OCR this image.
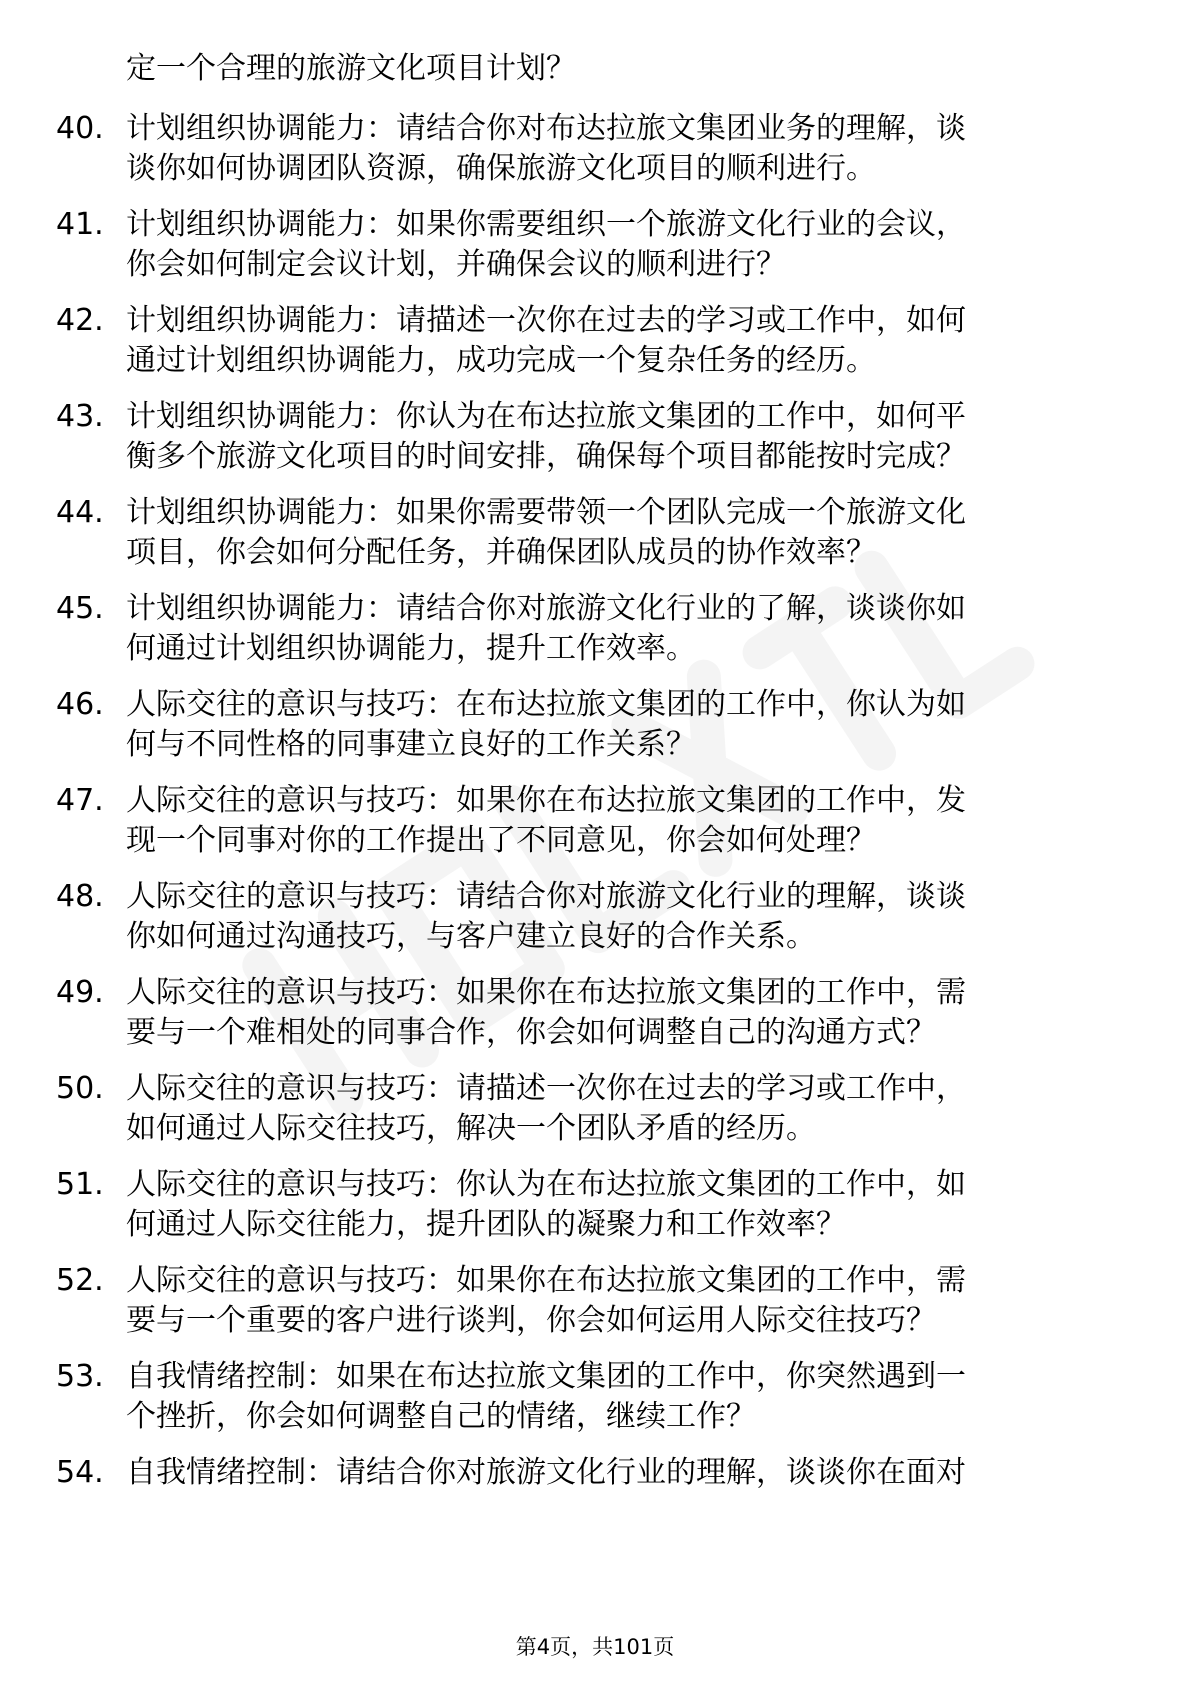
定一个合理的旅游文化项目计划？
40. 计划组织协调能力：请结合你对布达拉旅文集团业务的理解，谈
谈你如何协调团队资源，确保旅游文化项目的顺利进行。
41. 计划组织协调能力：如果你需要组织一个旅游文化行业的会议，
你会如何制定会议计划，并确保会议的顺利进行？
42. 计划组织协调能力：请描述一次你在过去的学习或工作中，如何
通过计划组织协调能力，成功完成一个复杂任务的经历。
43. 计划组织协调能力：你认为在布达拉旅文集团的工作中，如何平
衡多个旅游文化项目的时间安排，确保每个项目都能按时完成？
44. 计划组织协调能力：如果你需要带领一个团队完成一个旅游文化
项目，你会如何分配任务，并确保团队成员的协作效率？
45. 计划组织协调能力：请结合你对旅游文化行业的了解，谈谈你如
何通过计划组织协调能力，提升工作效率。
46. 人际交往的意识与技巧：在布达拉旅文集团的工作中，你认为如
何与不同性格的同事建立良好的工作关系？
47. 人际交往的意识与技巧：如果你在布达拉旅文集团的工作中，发
现一个同事对你的工作提出了不同意见，你会如何处理？
48. 人际交往的意识与技巧：请结合你对旅游文化行业的理解，谈谈
你如何通过沟通技巧，与客户建立良好的合作关系。
49. 人际交往的意识与技巧：如果你在布达拉旅文集团的工作中，需
要与一个难相处的同事合作，你会如何调整自己的沟通方式？
50. 人际交往的意识与技巧：请描述一次你在过去的学习或工作中，
如何通过人际交往技巧，解决一个团队矛盾的经历。
51. 人际交往的意识与技巧：你认为在布达拉旅文集团的工作中，如
何通过人际交往能力，提升团队的凝聚力和工作效率？
52. 人际交往的意识与技巧：如果你在布达拉旅文集团的工作中，需
要与一个重要的客户进行谈判，你会如何运用人际交往技巧？
53. 自我情绪控制：如果在布达拉旅文集团的工作中，你突然遇到一
个挫折，你会如何调整自己的情绪，继续工作？
54. 自我情绪控制：请结合你对旅游文化行业的理解，谈谈你在面对
第4页，共101页
